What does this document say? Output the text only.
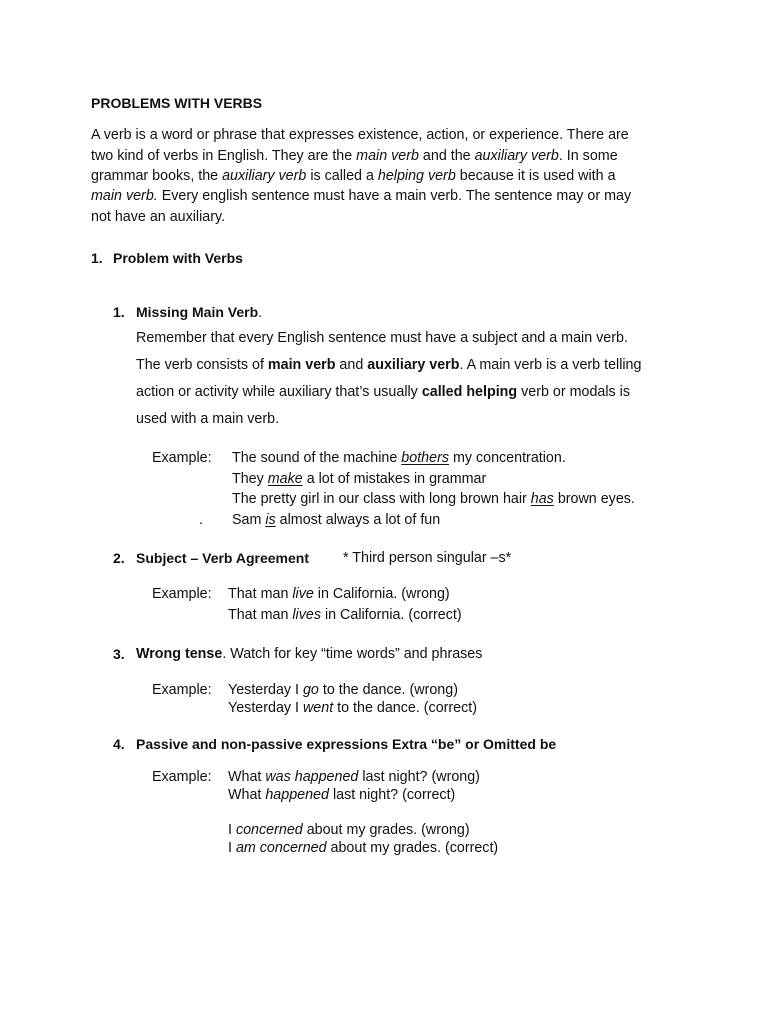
PROBLEMS WITH VERBS
A verb is a word or phrase that expresses existence, action, or experience. There are
two kind of verbs in English. They are the main verb and the auxiliary verb. In some
grammar books, the auxiliary verb is called a helping verb because it is used with a
main verb. Every english sentence must have a main verb. The sentence may or may
not have an auxiliary.
1. Problem with Verbs
1. Missing Main Verb.
Remember that every English sentence must have a subject and a main verb.
The verb consists of main verb and auxiliary verb. A main verb is a verb telling
action or activity while auxiliary that’s usually called helping verb or modals is
used with a main verb.
Example: The sound of the machine bothers my concentration.
They make a lot of mistakes in grammar
The pretty girl in our class with long brown hair has brown eyes.
. Sam is almost always a lot of fun
2. Subject – Verb Agreement * Third person singular –s*
Example: That man live in California. (wrong)
That man lives in California. (correct)
3. Wrong tense. Watch for key “time words” and phrases
Example: Yesterday I go to the dance. (wrong)
Yesterday I went to the dance. (correct)
4. Passive and non-passive expressions Extra “be” or Omitted be
Example: What was happened last night? (wrong)
What happened last night? (correct)
I concerned about my grades. (wrong)
I am concerned about my grades. (correct)
